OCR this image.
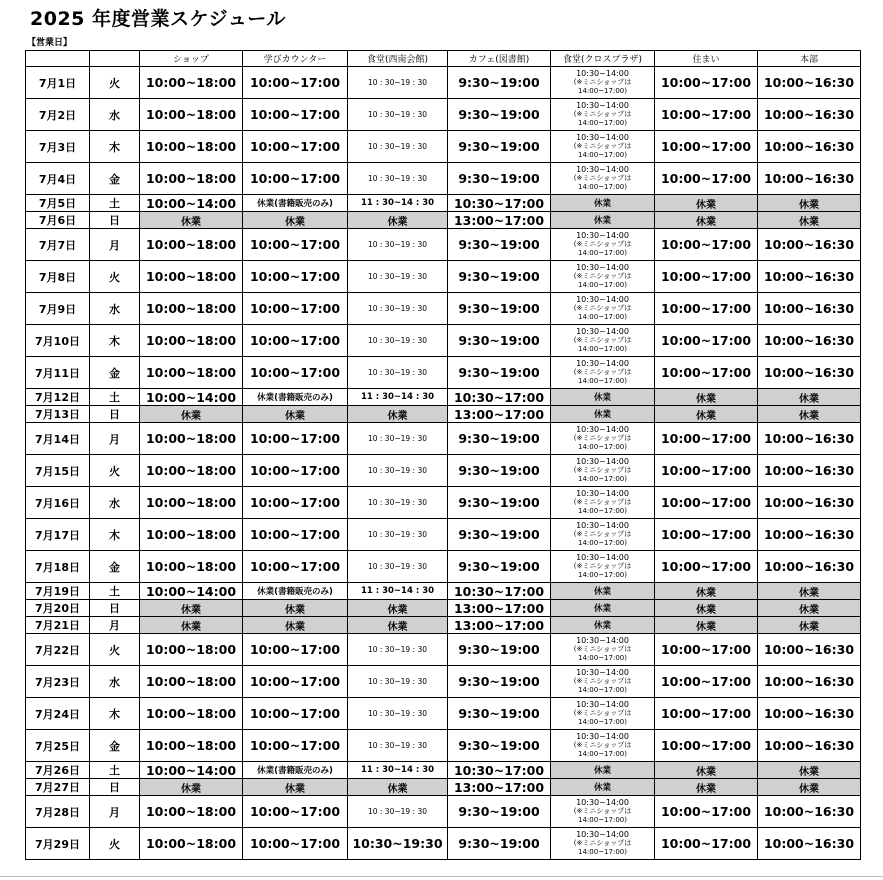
2025 年度営業スケジュール
【営業日】
		ショップ	学びカウンター	食堂(西南会館)	カフェ(図書館)	食堂(クロスプラザ)	住まい	本部
7月1日	火	10:00~18:00	10:00~17:00	10 : 30~19 : 30	9:30~19:00	10:30~14:00
(※ミニショップは
14:00~17:00)	10:00~17:00	10:00~16:30
7月2日	水	10:00~18:00	10:00~17:00	10 : 30~19 : 30	9:30~19:00	10:30~14:00
(※ミニショップは
14:00~17:00)	10:00~17:00	10:00~16:30
7月3日	木	10:00~18:00	10:00~17:00	10 : 30~19 : 30	9:30~19:00	10:30~14:00
(※ミニショップは
14:00~17:00)	10:00~17:00	10:00~16:30
7月4日	金	10:00~18:00	10:00~17:00	10 : 30~19 : 30	9:30~19:00	10:30~14:00
(※ミニショップは
14:00~17:00)	10:00~17:00	10:00~16:30
7月5日	土	10:00~14:00	休業(書籍販売のみ)	11 : 30~14 : 30	10:30~17:00	休業	休業	休業
7月6日	日	休業	休業	休業	13:00~17:00	休業	休業	休業
7月7日	月	10:00~18:00	10:00~17:00	10 : 30~19 : 30	9:30~19:00	10:30~14:00
(※ミニショップは
14:00~17:00)	10:00~17:00	10:00~16:30
7月8日	火	10:00~18:00	10:00~17:00	10 : 30~19 : 30	9:30~19:00	10:30~14:00
(※ミニショップは
14:00~17:00)	10:00~17:00	10:00~16:30
7月9日	水	10:00~18:00	10:00~17:00	10 : 30~19 : 30	9:30~19:00	10:30~14:00
(※ミニショップは
14:00~17:00)	10:00~17:00	10:00~16:30
7月10日	木	10:00~18:00	10:00~17:00	10 : 30~19 : 30	9:30~19:00	10:30~14:00
(※ミニショップは
14:00~17:00)	10:00~17:00	10:00~16:30
7月11日	金	10:00~18:00	10:00~17:00	10 : 30~19 : 30	9:30~19:00	10:30~14:00
(※ミニショップは
14:00~17:00)	10:00~17:00	10:00~16:30
7月12日	土	10:00~14:00	休業(書籍販売のみ)	11 : 30~14 : 30	10:30~17:00	休業	休業	休業
7月13日	日	休業	休業	休業	13:00~17:00	休業	休業	休業
7月14日	月	10:00~18:00	10:00~17:00	10 : 30~19 : 30	9:30~19:00	10:30~14:00
(※ミニショップは
14:00~17:00)	10:00~17:00	10:00~16:30
7月15日	火	10:00~18:00	10:00~17:00	10 : 30~19 : 30	9:30~19:00	10:30~14:00
(※ミニショップは
14:00~17:00)	10:00~17:00	10:00~16:30
7月16日	水	10:00~18:00	10:00~17:00	10 : 30~19 : 30	9:30~19:00	10:30~14:00
(※ミニショップは
14:00~17:00)	10:00~17:00	10:00~16:30
7月17日	木	10:00~18:00	10:00~17:00	10 : 30~19 : 30	9:30~19:00	10:30~14:00
(※ミニショップは
14:00~17:00)	10:00~17:00	10:00~16:30
7月18日	金	10:00~18:00	10:00~17:00	10 : 30~19 : 30	9:30~19:00	10:30~14:00
(※ミニショップは
14:00~17:00)	10:00~17:00	10:00~16:30
7月19日	土	10:00~14:00	休業(書籍販売のみ)	11 : 30~14 : 30	10:30~17:00	休業	休業	休業
7月20日	日	休業	休業	休業	13:00~17:00	休業	休業	休業
7月21日	月	休業	休業	休業	13:00~17:00	休業	休業	休業
7月22日	火	10:00~18:00	10:00~17:00	10 : 30~19 : 30	9:30~19:00	10:30~14:00
(※ミニショップは
14:00~17:00)	10:00~17:00	10:00~16:30
7月23日	水	10:00~18:00	10:00~17:00	10 : 30~19 : 30	9:30~19:00	10:30~14:00
(※ミニショップは
14:00~17:00)	10:00~17:00	10:00~16:30
7月24日	木	10:00~18:00	10:00~17:00	10 : 30~19 : 30	9:30~19:00	10:30~14:00
(※ミニショップは
14:00~17:00)	10:00~17:00	10:00~16:30
7月25日	金	10:00~18:00	10:00~17:00	10 : 30~19 : 30	9:30~19:00	10:30~14:00
(※ミニショップは
14:00~17:00)	10:00~17:00	10:00~16:30
7月26日	土	10:00~14:00	休業(書籍販売のみ)	11 : 30~14 : 30	10:30~17:00	休業	休業	休業
7月27日	日	休業	休業	休業	13:00~17:00	休業	休業	休業
7月28日	月	10:00~18:00	10:00~17:00	10 : 30~19 : 30	9:30~19:00	10:30~14:00
(※ミニショップは
14:00~17:00)	10:00~17:00	10:00~16:30
7月29日	火	10:00~18:00	10:00~17:00	10:30~19:30	9:30~19:00	10:30~14:00
(※ミニショップは
14:00~17:00)	10:00~17:00	10:00~16:30
